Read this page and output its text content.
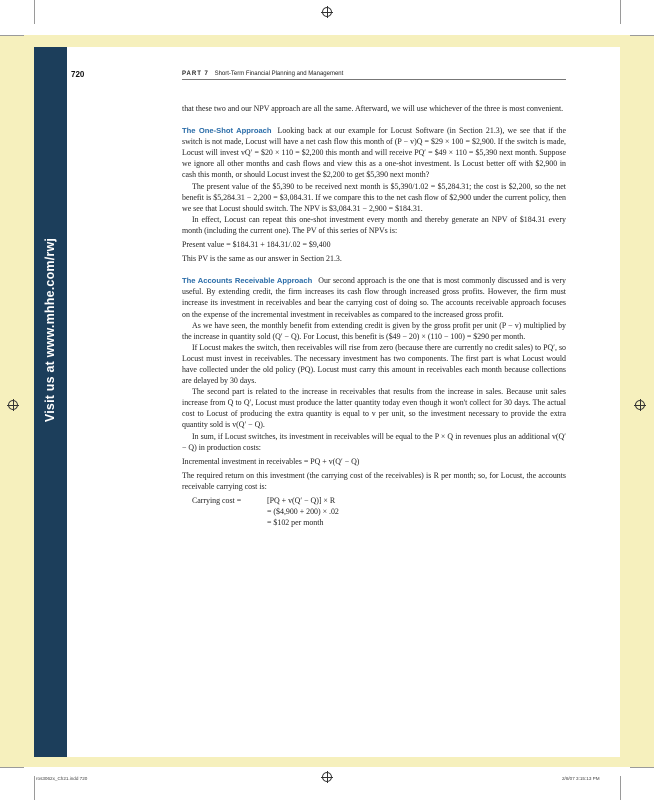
Visit us at www.mhhe.com/rwj
720	PART 7 Short-Term Financial Planning and Management

that these two and our NPV approach are all the same. Afterward, we will use whichever of the three is most convenient.

The One-Shot Approach Looking back at our example for Locust Software (in Section 21.3), we see that if the switch is not made, Locust will have a net cash flow this month of (P − v)Q = $29 × 100 = $2,900. If the switch is made, Locust will invest vQ′ = $20 × 110 = $2,200 this month and will receive PQ′ = $49 × 110 = $5,390 next month. Suppose we ignore all other months and cash flows and view this as a one-shot investment. Is Locust better off with $2,900 in cash this month, or should Locust invest the $2,200 to get $5,390 next month?

The present value of the $5,390 to be received next month is $5,390/1.02 = $5,284.31; the cost is $2,200, so the net benefit is $5,284.31 − 2,200 = $3,084.31. If we compare this to the net cash flow of $2,900 under the current policy, then we see that Locust should switch. The NPV is $3,084.31 − 2,900 = $184.31.

In effect, Locust can repeat this one-shot investment every month and thereby generate an NPV of $184.31 every month (including the current one). The PV of this series of NPVs is:

Present value = $184.31 + 184.31/.02 = $9,400

This PV is the same as our answer in Section 21.3.

The Accounts Receivable Approach Our second approach is the one that is most commonly discussed and is very useful. By extending credit, the firm increases its cash flow through increased gross profits. However, the firm must increase its investment in receivables and bear the carrying cost of doing so. The accounts receivable approach focuses on the expense of the incremental investment in receivables as compared to the increased gross profit.

As we have seen, the monthly benefit from extending credit is given by the gross profit per unit (P − v) multiplied by the increase in quantity sold (Q′ − Q). For Locust, this benefit is ($49 − 20) × (110 − 100) = $290 per month.

If Locust makes the switch, then receivables will rise from zero (because there are currently no credit sales) to PQ′, so Locust must invest in receivables. The necessary investment has two components. The first part is what Locust would have collected under the old policy (PQ). Locust must carry this amount in receivables each month because collections are delayed by 30 days.

The second part is related to the increase in receivables that results from the increase in sales. Because unit sales increase from Q to Q′, Locust must produce the latter quantity today even though it won't collect for 30 days. The actual cost to Locust of producing the extra quantity is equal to v per unit, so the investment necessary to provide the extra quantity sold is v(Q′ − Q).

In sum, if Locust switches, its investment in receivables will be equal to the P × Q in revenues plus an additional v(Q′ − Q) in production costs:

Incremental investment in receivables = PQ + v(Q′ − Q)

The required return on this investment (the carrying cost of the receivables) is R per month; so, for Locust, the accounts receivable carrying cost is:

Carrying cost =	[PQ + v(Q′ − Q)] × R
= ($4,900 + 200) × .02
= $102 per month
ros3062x_Ch21.indd 720	2/8/07 3:15:13 PM
